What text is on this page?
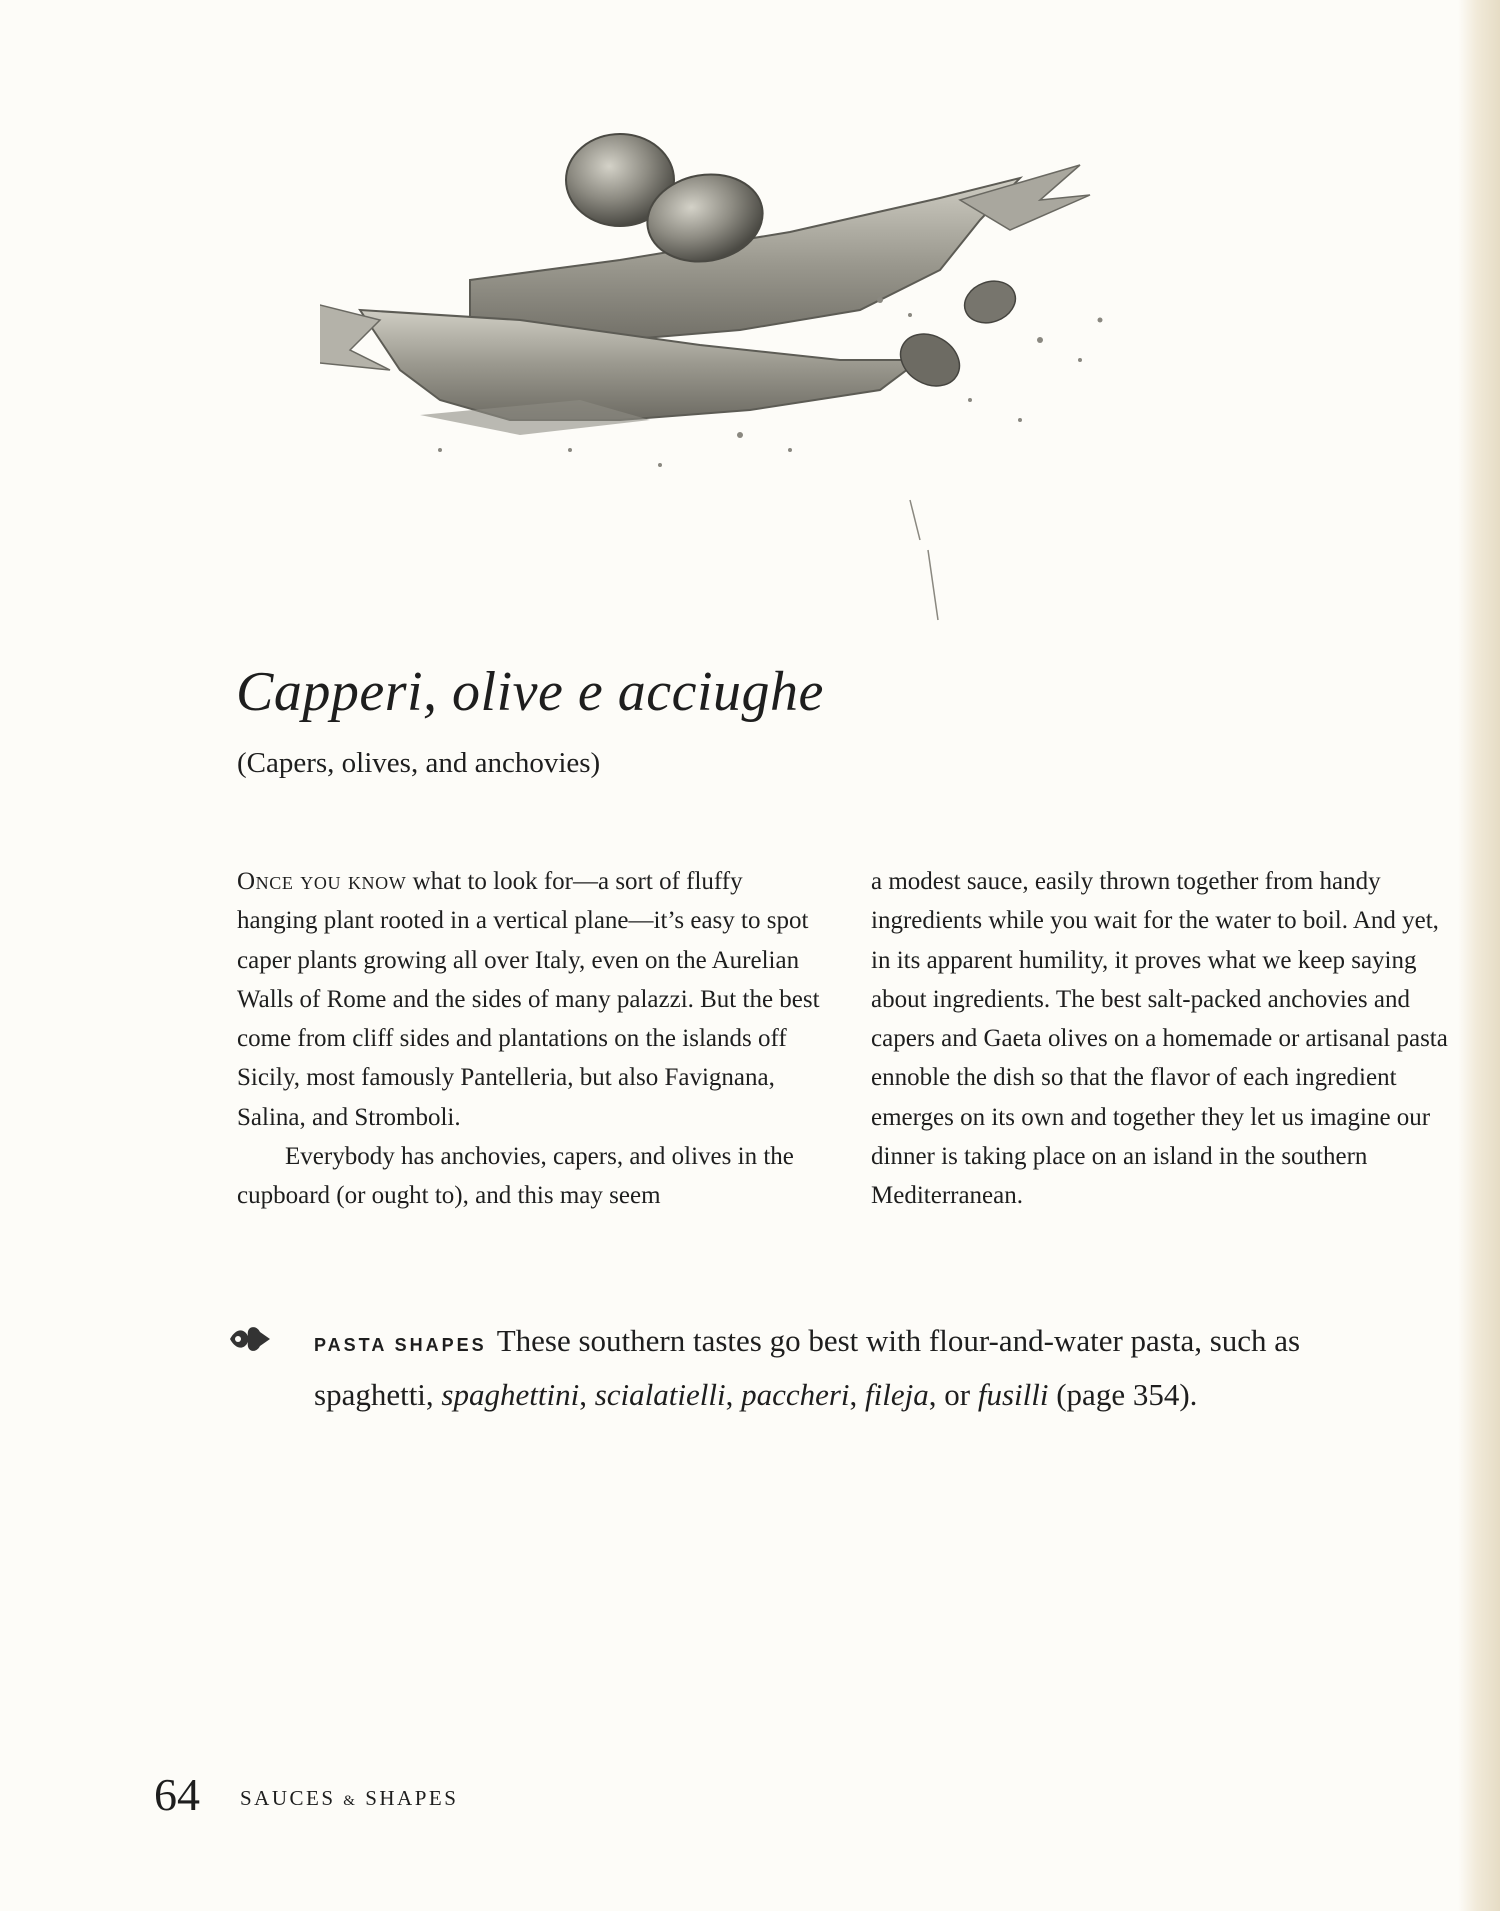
Capperi, olive e acciughe

(Capers, olives, and anchovies)

Once you know what to look for—a sort of fluffy hanging plant rooted in a vertical plane—it’s easy to spot caper plants growing all over Italy, even on the Aurelian Walls of Rome and the sides of many palazzi. But the best come from cliff sides and plantations on the islands off Sicily, most famously Pantelleria, but also Favignana, Salina, and Stromboli.

Everybody has anchovies, capers, and olives in the cupboard (or ought to), and this may seem

a modest sauce, easily thrown together from handy ingredients while you wait for the water to boil. And yet, in its apparent humility, it proves what we keep saying about ingredients. The best salt-packed anchovies and capers and Gaeta olives on a homemade or artisanal pasta ennoble the dish so that the flavor of each ingredient emerges on its own and together they let us imagine our dinner is taking place on an island in the southern Mediterranean.

PASTA SHAPES These southern tastes go best with flour-and-water pasta, such as spaghetti, spaghettini, scialatielli, paccheri, fileja, or fusilli (page 354).
64 SAUCES & SHAPES
